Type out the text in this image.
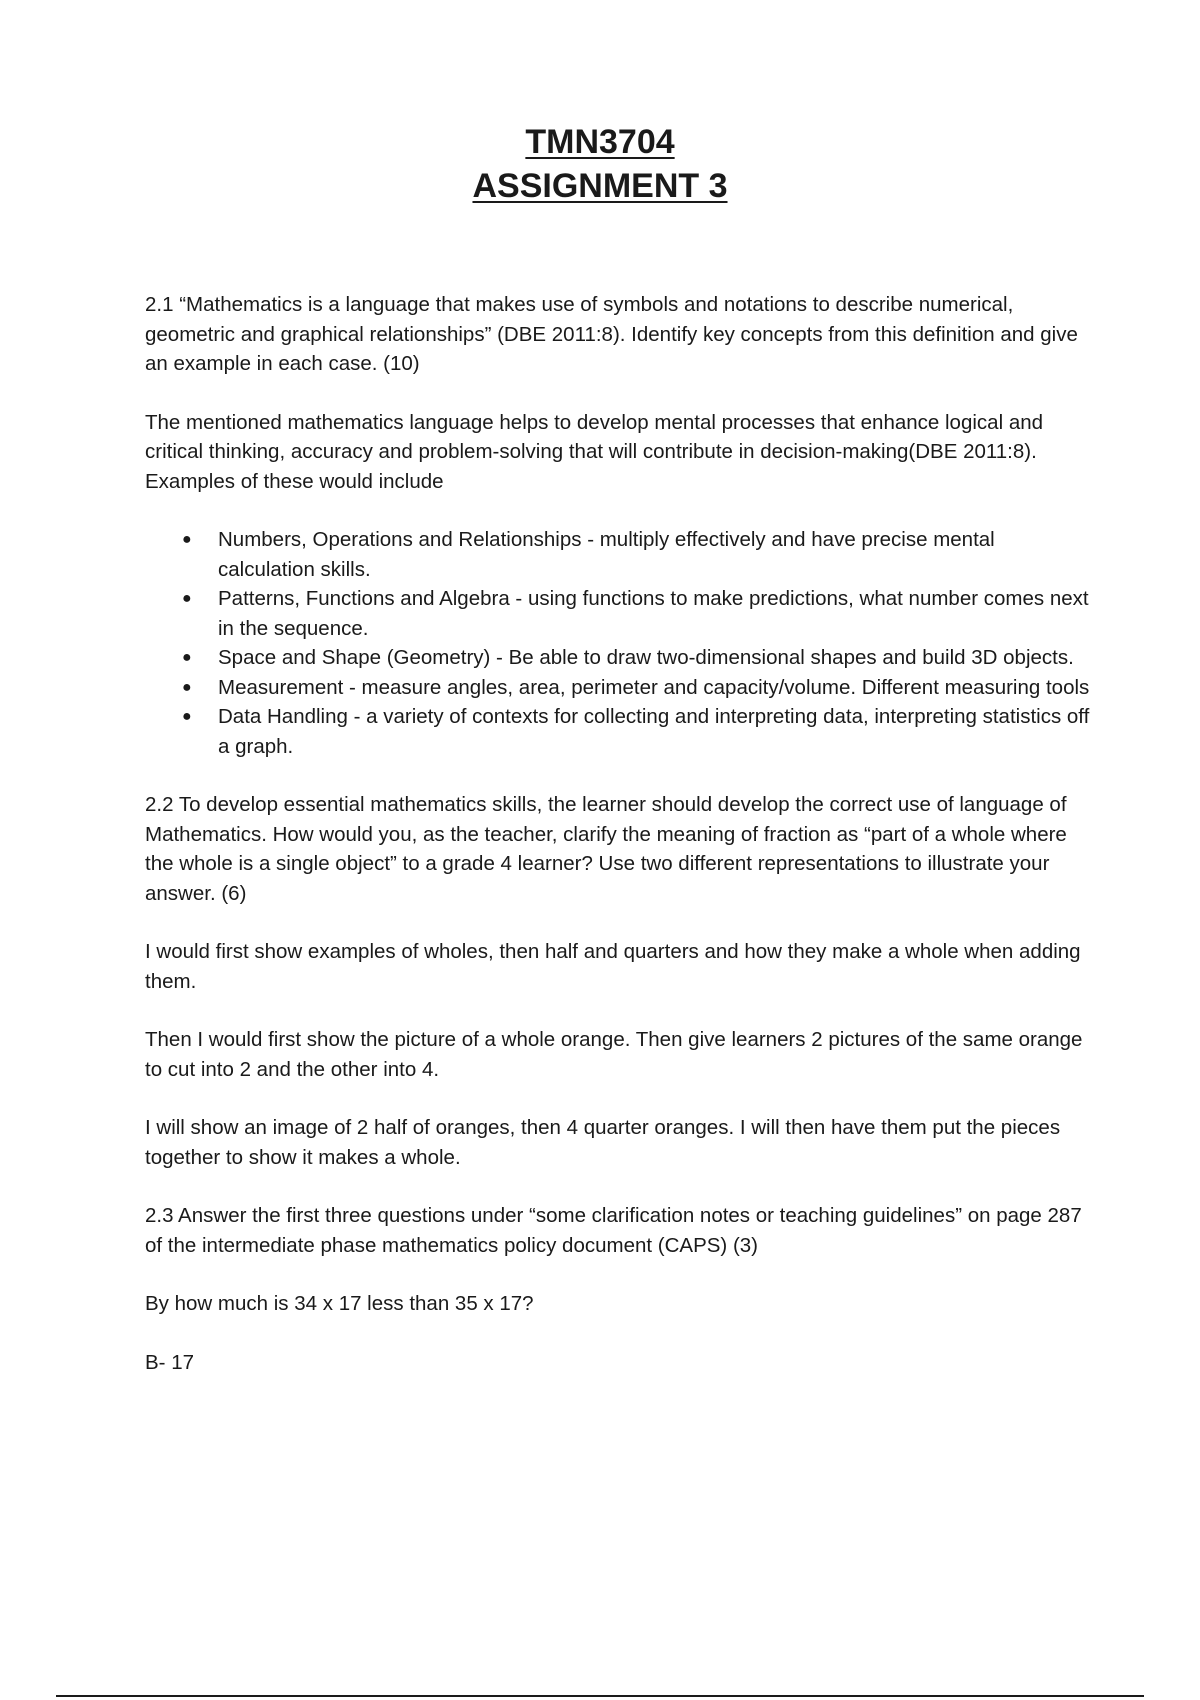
TMN3704
ASSIGNMENT 3

2.1 “Mathematics is a language that makes use of symbols and notations to describe numerical, geometric and graphical relationships” (DBE 2011:8). Identify key concepts from this definition and give an example in each case. (10)

The mentioned mathematics language helps to develop mental processes that enhance logical and critical thinking, accuracy and problem-solving that will contribute in decision-making(DBE 2011:8). Examples of these would include

● Numbers, Operations and Relationships - multiply effectively and have precise mental calculation skills.
● Patterns, Functions and Algebra - using functions to make predictions, what number comes next in the sequence.
● Space and Shape (Geometry) - Be able to draw two-dimensional shapes and build 3D objects.
● Measurement - measure angles, area, perimeter and capacity/volume. Different measuring tools
● Data Handling - a variety of contexts for collecting and interpreting data, interpreting statistics off a graph.

2.2 To develop essential mathematics skills, the learner should develop the correct use of language of Mathematics. How would you, as the teacher, clarify the meaning of fraction as “part of a whole where the whole is a single object” to a grade 4 learner? Use two different representations to illustrate your answer. (6)

I would first show examples of wholes, then half and quarters and how they make a whole when adding them.

Then I would first show the picture of a whole orange. Then give learners 2 pictures of the same orange to cut into 2 and the other into 4.

I will show an image of 2 half of oranges, then 4 quarter oranges. I will then have them put the pieces together to show it makes a whole.

2.3 Answer the first three questions under “some clarification notes or teaching guidelines” on page 287 of the intermediate phase mathematics policy document (CAPS) (3)

By how much is 34 x 17 less than 35 x 17?

B- 17
